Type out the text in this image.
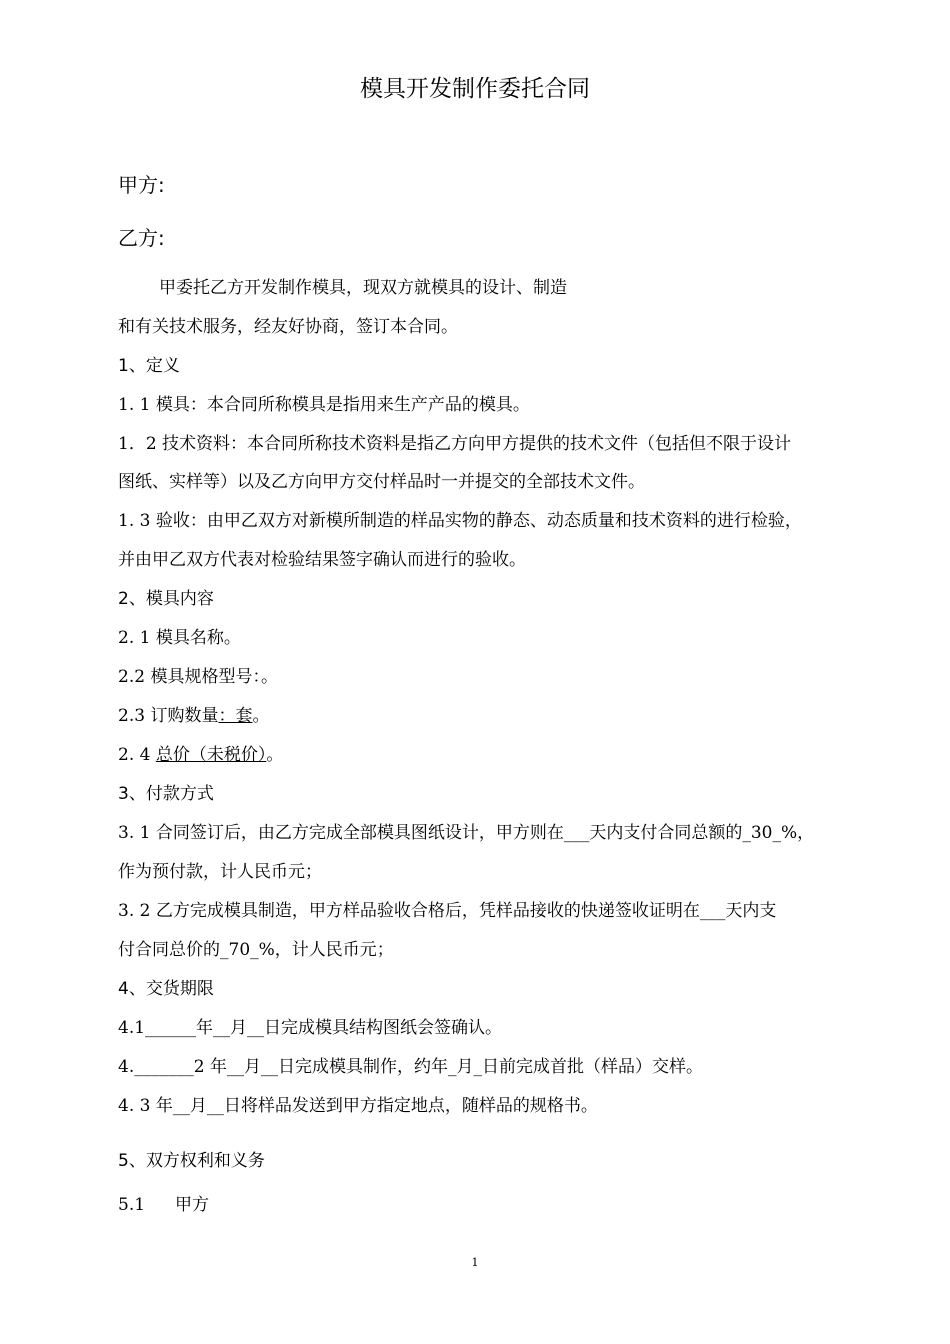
模具开发制作委托合同
甲方:
乙方:
甲委托乙方开发制作模具，现双方就模具的设计、制造
和有关技术服务，经友好协商，签订本合同。
1、定义
1. 1 模具：本合同所称模具是指用来生产产品的模具。
1．2 技术资料：本合同所称技术资料是指乙方向甲方提供的技术文件（包括但不限于设计
图纸、实样等）以及乙方向甲方交付样品时一并提交的全部技术文件。
1. 3 验收：由甲乙双方对新模所制造的样品实物的静态、动态质量和技术资料的进行检验，
并由甲乙双方代表对检验结果签字确认而进行的验收。
2、模具内容
2. 1 模具名称。
2.2 模具规格型号：。
2.3 订购数量：套。
2. 4 总价（未税价）。
3、付款方式
3. 1 合同签订后，由乙方完成全部模具图纸设计，甲方则在___天内支付合同总额的_30_%，
作为预付款，计人民币元；
3. 2 乙方完成模具制造，甲方样品验收合格后，凭样品接收的快递签收证明在___天内支
付合同总价的_70_%，计人民币元；
4、交货期限
4.1______年__月__日完成模具结构图纸会签确认。
4._______2 年__月__日完成模具制作，约年_月_日前完成首批（样品）交样。
4. 3 年__月__日将样品发送到甲方指定地点，随样品的规格书。
5、双方权利和义务
5.1 甲方
1
